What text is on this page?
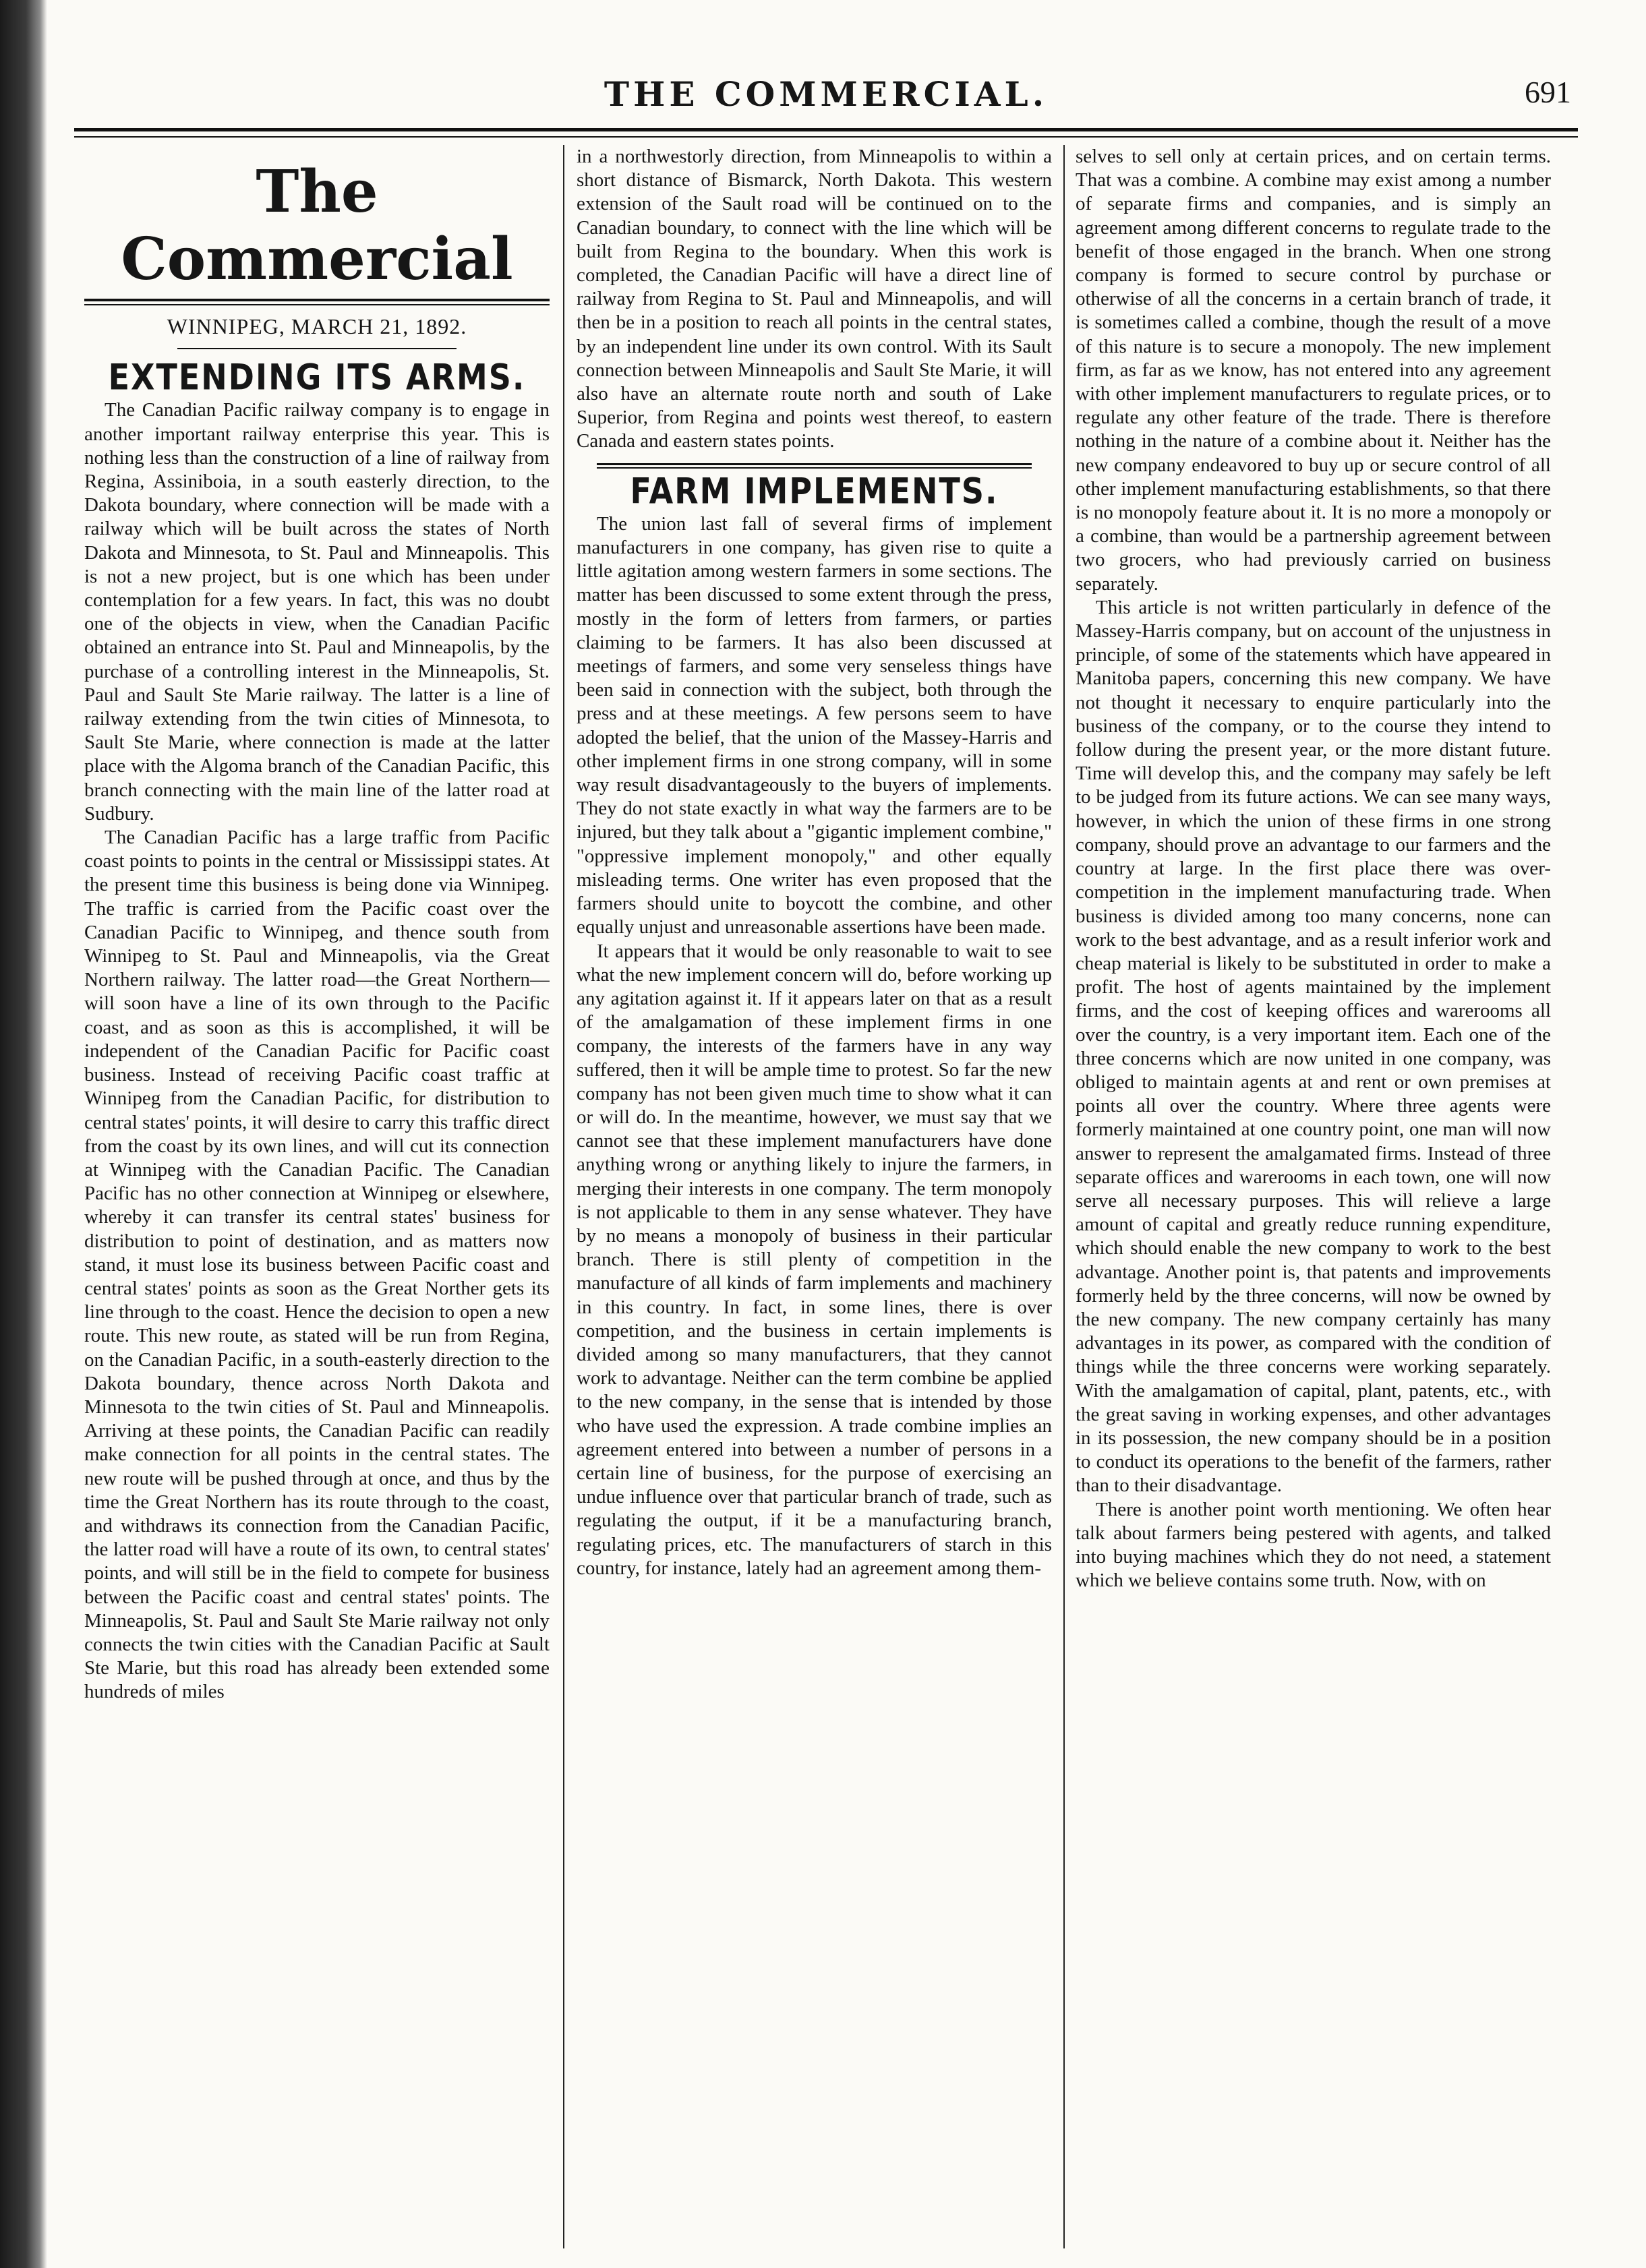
THE COMMERCIAL.	691
The Commercial
WINNIPEG, MARCH 21, 1892.
EXTENDING ITS ARMS.

The Canadian Pacific railway company is to engage in another important railway enterprise this year. This is nothing less than the construction of a line of railway from Regina, Assiniboia, in a south easterly direction, to the Dakota boundary, where connection will be made with a railway which will be built across the states of North Dakota and Minnesota, to St. Paul and Minneapolis. This is not a new project, but is one which has been under contemplation for a few years. In fact, this was no doubt one of the objects in view, when the Canadian Pacific obtained an entrance into St. Paul and Minneapolis, by the purchase of a controlling interest in the Minneapolis, St. Paul and Sault Ste Marie railway. The latter is a line of railway extending from the twin cities of Minnesota, to Sault Ste Marie, where connection is made at the latter place with the Algoma branch of the Canadian Pacific, this branch connecting with the main line of the latter road at Sudbury.

The Canadian Pacific has a large traffic from Pacific coast points to points in the central or Mississippi states. At the present time this business is being done via Winnipeg. The traffic is carried from the Pacific coast over the Canadian Pacific to Winnipeg, and thence south from Winnipeg to St. Paul and Minneapolis, via the Great Northern railway. The latter road—the Great Northern—will soon have a line of its own through to the Pacific coast, and as soon as this is accomplished, it will be independent of the Canadian Pacific for Pacific coast business. Instead of receiving Pacific coast traffic at Winnipeg from the Canadian Pacific, for distribution to central states' points, it will desire to carry this traffic direct from the coast by its own lines, and will cut its connection at Winnipeg with the Canadian Pacific. The Canadian Pacific has no other connection at Winnipeg or elsewhere, whereby it can transfer its central states' business for distribution to point of destination, and as matters now stand, it must lose its business between Pacific coast and central states' points as soon as the Great Norther gets its line through to the coast. Hence the decision to open a new route. This new route, as stated will be run from Regina, on the Canadian Pacific, in a south-easterly direction to the Dakota boundary, thence across North Dakota and Minnesota to the twin cities of St. Paul and Minneapolis. Arriving at these points, the Canadian Pacific can readily make connection for all points in the central states. The new route will be pushed through at once, and thus by the time the Great Northern has its route through to the coast, and withdraws its connection from the Canadian Pacific, the latter road will have a route of its own, to central states' points, and will still be in the field to compete for business between the Pacific coast and central states' points. The Minneapolis, St. Paul and Sault Ste Marie railway not only connects the twin cities with the Canadian Pacific at Sault Ste Marie, but this road has already been extended some hundreds of miles

in a northwestorly direction, from Minneapolis to within a short distance of Bismarck, North Dakota. This western extension of the Sault road will be continued on to the Canadian boundary, to connect with the line which will be built from Regina to the boundary. When this work is completed, the Canadian Pacific will have a direct line of railway from Regina to St. Paul and Minneapolis, and will then be in a position to reach all points in the central states, by an independent line under its own control. With its Sault connection between Minneapolis and Sault Ste Marie, it will also have an alternate route north and south of Lake Superior, from Regina and points west thereof, to eastern Canada and eastern states points.

FARM IMPLEMENTS.

The union last fall of several firms of implement manufacturers in one company, has given rise to quite a little agitation among western farmers in some sections. The matter has been discussed to some extent through the press, mostly in the form of letters from farmers, or parties claiming to be farmers. It has also been discussed at meetings of farmers, and some very senseless things have been said in connection with the subject, both through the press and at these meetings. A few persons seem to have adopted the belief, that the union of the Massey-Harris and other implement firms in one strong company, will in some way result disadvantageously to the buyers of implements. They do not state exactly in what way the farmers are to be injured, but they talk about a "gigantic implement combine," "oppressive implement monopoly," and other equally misleading terms. One writer has even proposed that the farmers should unite to boycott the combine, and other equally unjust and unreasonable assertions have been made.

It appears that it would be only reasonable to wait to see what the new implement concern will do, before working up any agitation against it. If it appears later on that as a result of the amalgamation of these implement firms in one company, the interests of the farmers have in any way suffered, then it will be ample time to protest. So far the new company has not been given much time to show what it can or will do. In the meantime, however, we must say that we cannot see that these implement manufacturers have done anything wrong or anything likely to injure the farmers, in merging their interests in one company. The term monopoly is not applicable to them in any sense whatever. They have by no means a monopoly of business in their particular branch. There is still plenty of competition in the manufacture of all kinds of farm implements and machinery in this country. In fact, in some lines, there is over competition, and the business in certain implements is divided among so many manufacturers, that they cannot work to advantage. Neither can the term combine be applied to the new company, in the sense that is intended by those who have used the expression. A trade combine implies an agreement entered into between a number of persons in a certain line of business, for the purpose of exercising an undue influence over that particular branch of trade, such as regulating the output, if it be a manufacturing branch, regulating prices, etc. The manufacturers of starch in this country, for instance, lately had an agreement among them-

selves to sell only at certain prices, and on certain terms. That was a combine. A combine may exist among a number of separate firms and companies, and is simply an agreement among different concerns to regulate trade to the benefit of those engaged in the branch. When one strong company is formed to secure control by purchase or otherwise of all the concerns in a certain branch of trade, it is sometimes called a combine, though the result of a move of this nature is to secure a monopoly. The new implement firm, as far as we know, has not entered into any agreement with other implement manufacturers to regulate prices, or to regulate any other feature of the trade. There is therefore nothing in the nature of a combine about it. Neither has the new company endeavored to buy up or secure control of all other implement manufacturing establishments, so that there is no monopoly feature about it. It is no more a monopoly or a combine, than would be a partnership agreement between two grocers, who had previously carried on business separately.

This article is not written particularly in defence of the Massey-Harris company, but on account of the unjustness in principle, of some of the statements which have appeared in Manitoba papers, concerning this new company. We have not thought it necessary to enquire particularly into the business of the company, or to the course they intend to follow during the present year, or the more distant future. Time will develop this, and the company may safely be left to be judged from its future actions. We can see many ways, however, in which the union of these firms in one strong company, should prove an advantage to our farmers and the country at large. In the first place there was over-competition in the implement manufacturing trade. When business is divided among too many concerns, none can work to the best advantage, and as a result inferior work and cheap material is likely to be substituted in order to make a profit. The host of agents maintained by the implement firms, and the cost of keeping offices and warerooms all over the country, is a very important item. Each one of the three concerns which are now united in one company, was obliged to maintain agents at and rent or own premises at points all over the country. Where three agents were formerly maintained at one country point, one man will now answer to represent the amalgamated firms. Instead of three separate offices and warerooms in each town, one will now serve all necessary purposes. This will relieve a large amount of capital and greatly reduce running expenditure, which should enable the new company to work to the best advantage. Another point is, that patents and improvements formerly held by the three concerns, will now be owned by the new company. The new company certainly has many advantages in its power, as compared with the condition of things while the three concerns were working separately. With the amalgamation of capital, plant, patents, etc., with the great saving in working expenses, and other advantages in its possession, the new company should be in a position to conduct its operations to the benefit of the farmers, rather than to their disadvantage.

There is another point worth mentioning. We often hear talk about farmers being pestered with agents, and talked into buying machines which they do not need, a statement which we believe contains some truth. Now, with on
